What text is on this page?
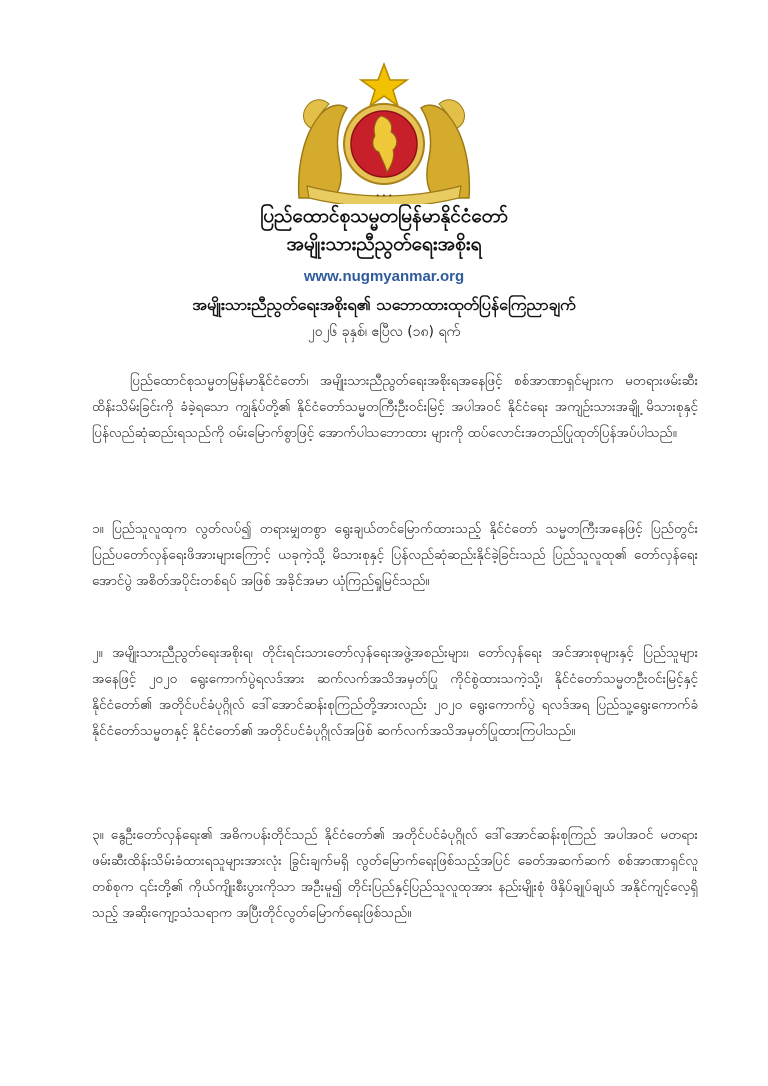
• • •
ပြည်ထောင်စုသမ္မတမြန်မာနိုင်ငံတော်
အမျိုးသားညီညွတ်ရေးအစိုးရ
www.nugmyanmar.org
အမျိုးသားညီညွတ်ရေးအစိုးရ၏ သဘောထားထုတ်ပြန်ကြေညာချက်
၂၀၂၆ ခုနှစ်၊ ဧပြီလ (၁၈) ရက်
ပြည်ထောင်စုသမ္မတမြန်မာနိုင်ငံတော်၊ အမျိုးသားညီညွတ်ရေးအစိုးရအနေဖြင့် စစ်အာဏာရှင်များက မတရားဖမ်းဆီးထိန်းသိမ်းခြင်းကို ခံခဲ့ရသော ကျွန်ုပ်တို့၏ နိုင်ငံတော်သမ္မတကြီးဦးဝင်းမြင့် အပါအဝင် နိုင်ငံရေး အကျဉ်းသားအချို့ မိသားစုနှင့် ပြန်လည်ဆုံဆည်းရသည်ကို ဝမ်းမြောက်စွာဖြင့် အောက်ပါသဘောထား များကို ထပ်လောင်းအတည်ပြုထုတ်ပြန်အပ်ပါသည်။
၁။ ပြည်သူလူထုက လွတ်လပ်၍ တရားမျှတစွာ ရွေးချယ်တင်မြောက်ထားသည့် နိုင်ငံတော် သမ္မတကြီးအနေဖြင့် ပြည်တွင်းပြည်ပတော်လှန်ရေးဖိအားများကြောင့် ယခုကဲ့သို့ မိသားစုနှင့် ပြန်လည်ဆုံဆည်းနိုင်ခဲ့ခြင်းသည် ပြည်သူလူထု၏ တော်လှန်ရေးအောင်ပွဲ အစိတ်အပိုင်းတစ်ရပ် အဖြစ် အခိုင်အမာ ယုံကြည်ရှုမြင်သည်။
၂။ အမျိုးသားညီညွတ်ရေးအစိုးရ၊ တိုင်းရင်းသားတော်လှန်ရေးအဖွဲ့အစည်းများ၊ တော်လှန်ရေး အင်အားစုများနှင့် ပြည်သူများအနေဖြင့် ၂၀၂၀ ရွေးကောက်ပွဲရလဒ်အား ဆက်လက်အသိအမှတ်ပြု ကိုင်စွဲထားသကဲ့သို့၊ နိုင်ငံတော်သမ္မတဦးဝင်းမြင့်နှင့် နိုင်ငံတော်၏ အတိုင်ပင်ခံပုဂ္ဂိုလ် ဒေါ်အောင်ဆန်းစုကြည်တို့အားလည်း ၂၀၂၀ ရွေးကောက်ပွဲ ရလဒ်အရ ပြည်သူ့ရွေးကောက်ခံ နိုင်ငံတော်သမ္မတနှင့် နိုင်ငံတော်၏ အတိုင်ပင်ခံပုဂ္ဂိုလ်အဖြစ် ဆက်လက်အသိအမှတ်ပြုထားကြပါသည်။
၃။ နွေဦးတော်လှန်ရေး၏ အဓိကပန်းတိုင်သည် နိုင်ငံတော်၏ အတိုင်ပင်ခံပုဂ္ဂိုလ် ဒေါ်အောင်ဆန်းစုကြည် အပါအဝင် မတရား ဖမ်းဆီးထိန်းသိမ်းခံထားရသူများအားလုံး ခြွင်းချက်မရှိ လွတ်မြောက်ရေးဖြစ်သည့်အပြင် ခေတ်အဆက်ဆက် စစ်အာဏာရှင်လူတစ်စုက ၎င်းတို့၏ ကိုယ်ကျိုးစီးပွားကိုသာ အဦးမူ၍ တိုင်းပြည်နှင့်ပြည်သူလူထုအား နည်းမျိုးစုံ ဖိနှိပ်ချုပ်ချယ် အနိုင်ကျင့်လေ့ရှိသည့် အဆိုးကျော့သံသရာက အပြီးတိုင်လွတ်မြောက်ရေးဖြစ်သည်။
